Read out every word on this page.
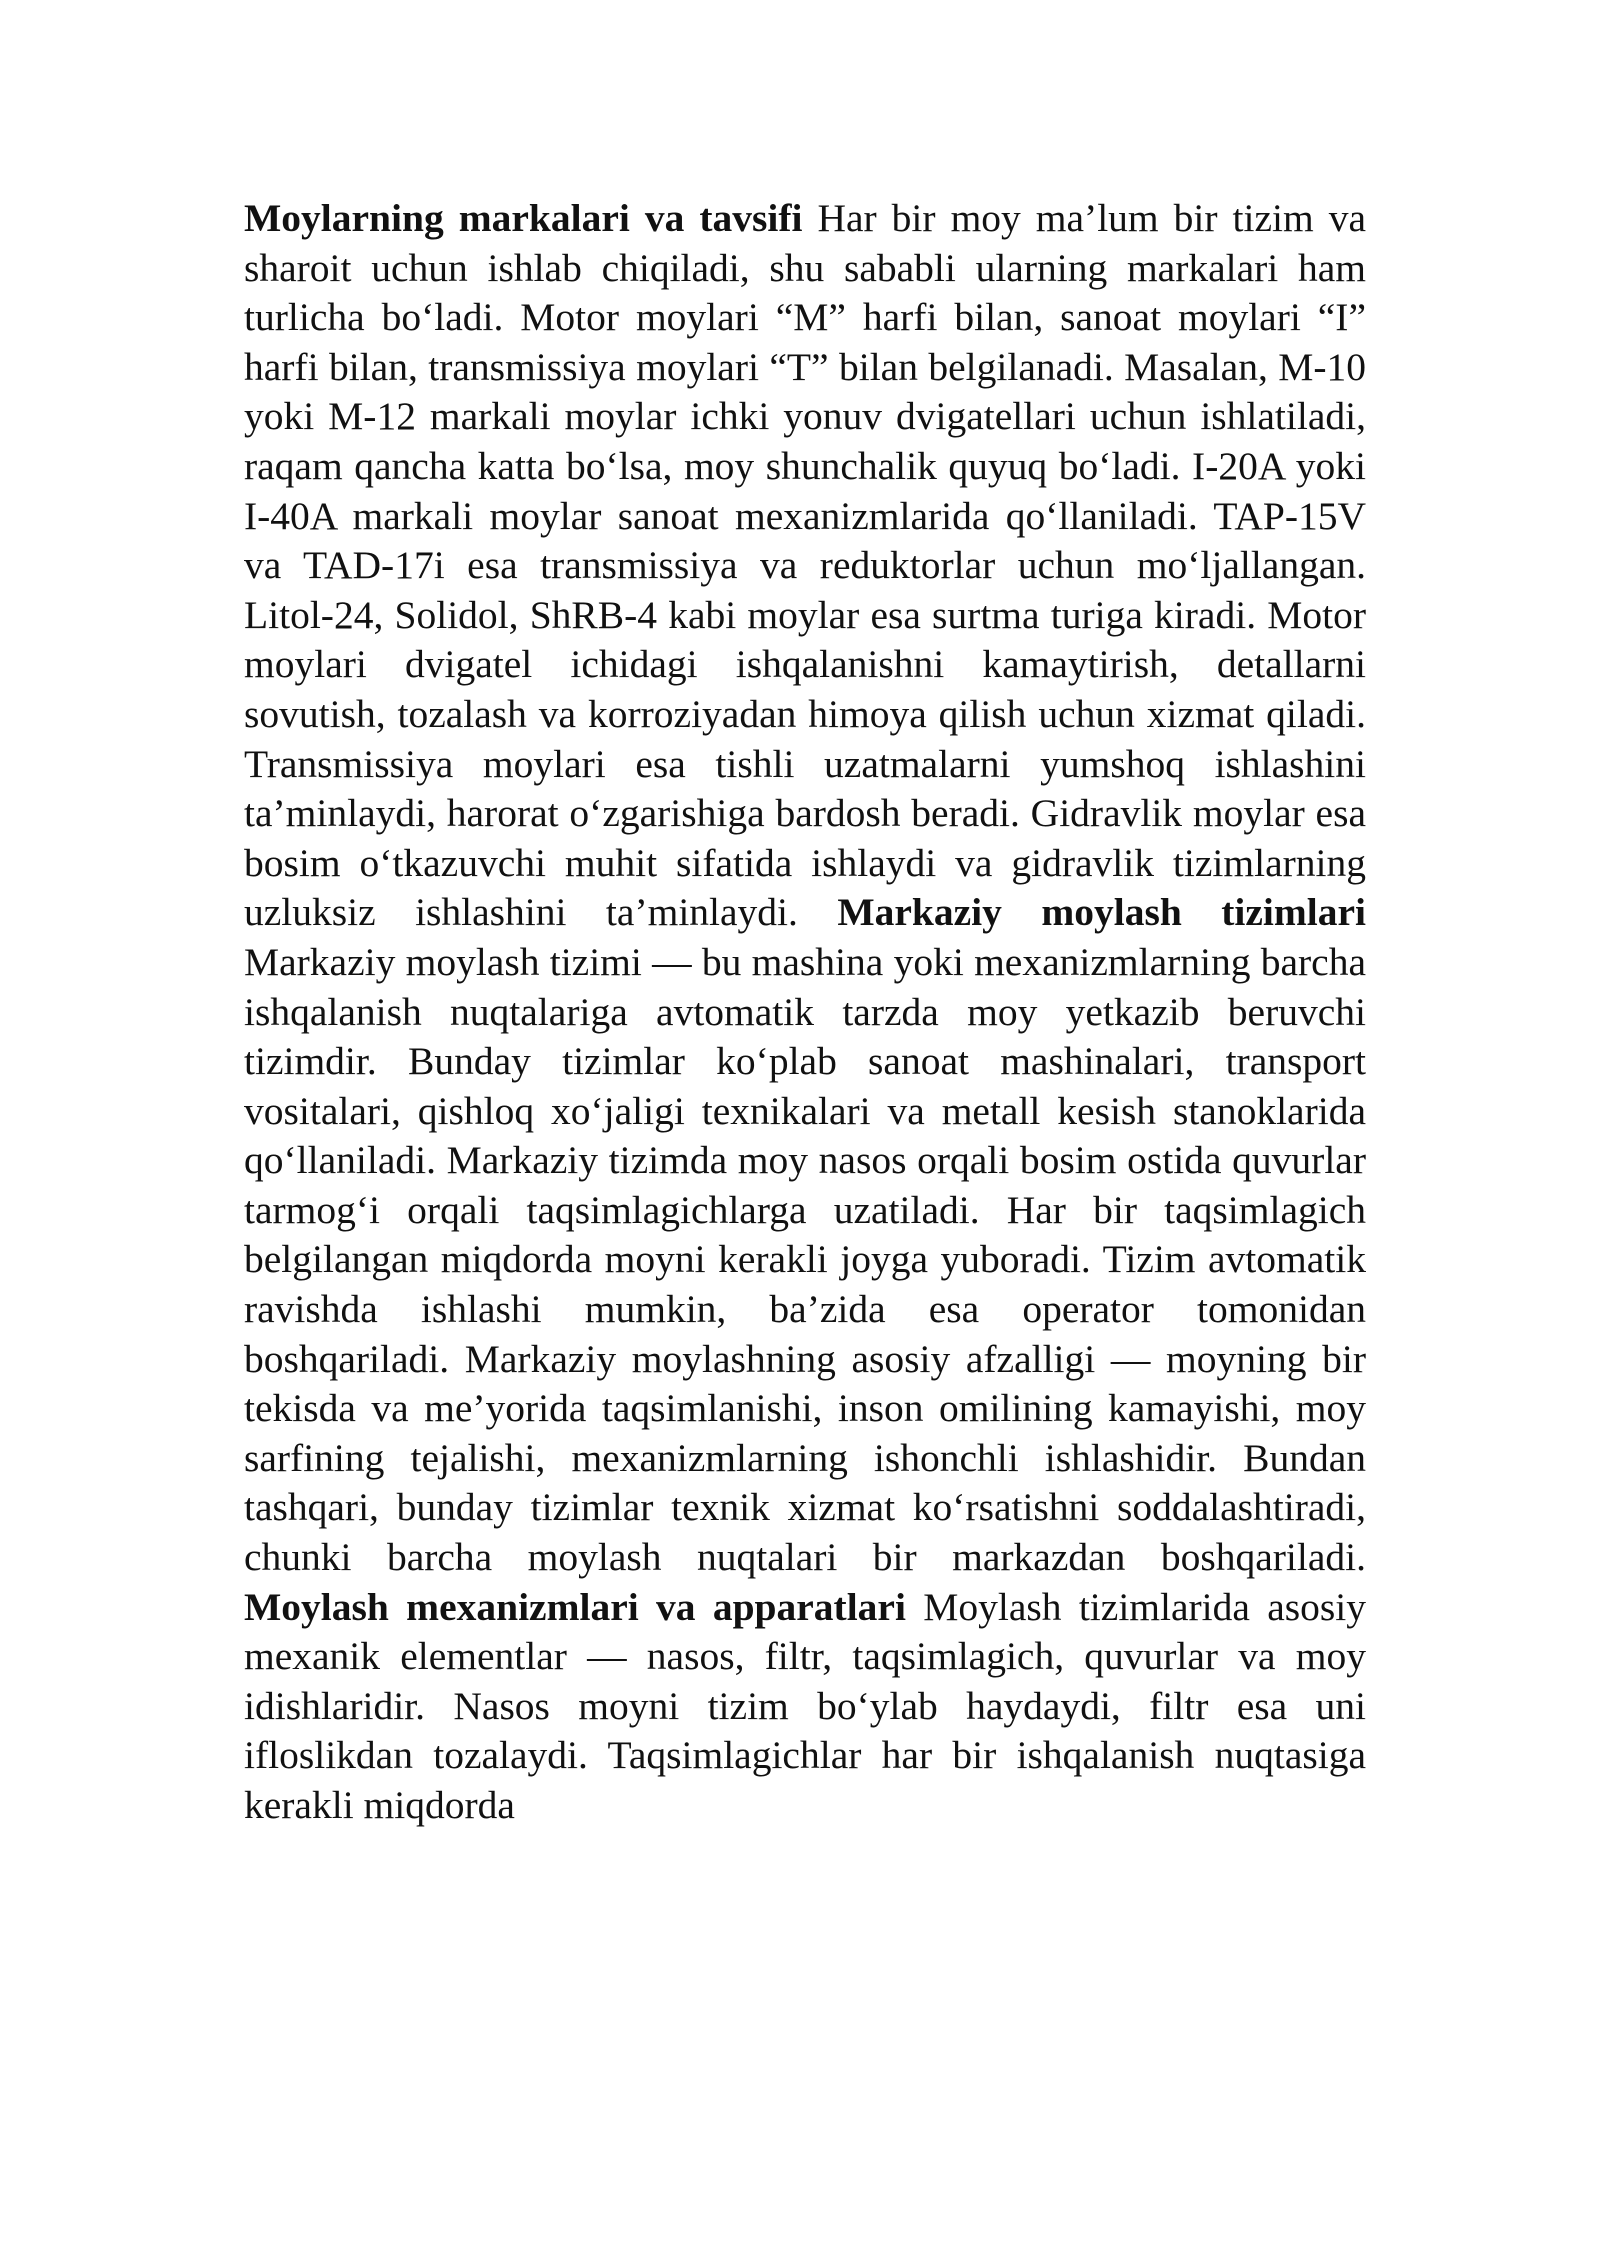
Moylarning markalari va tavsifi Har bir moy ma’lum bir tizim va sharoit uchun ishlab chiqiladi, shu sababli ularning markalari ham turlicha bo‘ladi. Motor moylari “M” harfi bilan, sanoat moylari “I” harfi bilan, transmissiya moylari “T” bilan belgilanadi. Masalan, M-10 yoki M-12 markali moylar ichki yonuv dvigatellari uchun ishlatiladi, raqam qancha katta bo‘lsa, moy shunchalik quyuq bo‘ladi. I-20A yoki I-40A markali moylar sanoat mexanizmlarida qo‘llaniladi. TAP-15V va TAD-17i esa transmissiya va reduktorlar uchun mo‘ljallangan. Litol-24, Solidol, ShRB-4 kabi moylar esa surtma turiga kiradi. Motor moylari dvigatel ichidagi ishqalanishni kamaytirish, detallarni sovutish, tozalash va korroziyadan himoya qilish uchun xizmat qiladi. Transmissiya moylari esa tishli uzatmalarni yumshoq ishlashini ta’minlaydi, harorat o‘zgarishiga bardosh beradi. Gidravlik moylar esa bosim o‘tkazuvchi muhit sifatida ishlaydi va gidravlik tizimlarning uzluksiz ishlashini ta’minlaydi. Markaziy moylash tizimlari Markaziy moylash tizimi — bu mashina yoki mexanizmlarning barcha ishqalanish nuqtalariga avtomatik tarzda moy yetkazib beruvchi tizimdir. Bunday tizimlar ko‘plab sanoat mashinalari, transport vositalari, qishloq xo‘jaligi texnikalari va metall kesish stanoklarida qo‘llaniladi. Markaziy tizimda moy nasos orqali bosim ostida quvurlar tarmog‘i orqali taqsimlagichlarga uzatiladi. Har bir taqsimlagich belgilangan miqdorda moyni kerakli joyga yuboradi. Tizim avtomatik ravishda ishlashi mumkin, ba’zida esa operator tomonidan boshqariladi. Markaziy moylashning asosiy afzalligi — moyning bir tekisda va me’yorida taqsimlanishi, inson omilining kamayishi, moy sarfining tejalishi, mexanizmlarning ishonchli ishlashidir. Bundan tashqari, bunday tizimlar texnik xizmat ko‘rsatishni soddalashtiradi, chunki barcha moylash nuqtalari bir markazdan boshqariladi. Moylash mexanizmlari va apparatlari Moylash tizimlarida asosiy mexanik elementlar — nasos, filtr, taqsimlagich, quvurlar va moy idishlaridir. Nasos moyni tizim bo‘ylab haydaydi, filtr esa uni ifloslikdan tozalaydi. Taqsimlagichlar har bir ishqalanish nuqtasiga kerakli miqdorda
